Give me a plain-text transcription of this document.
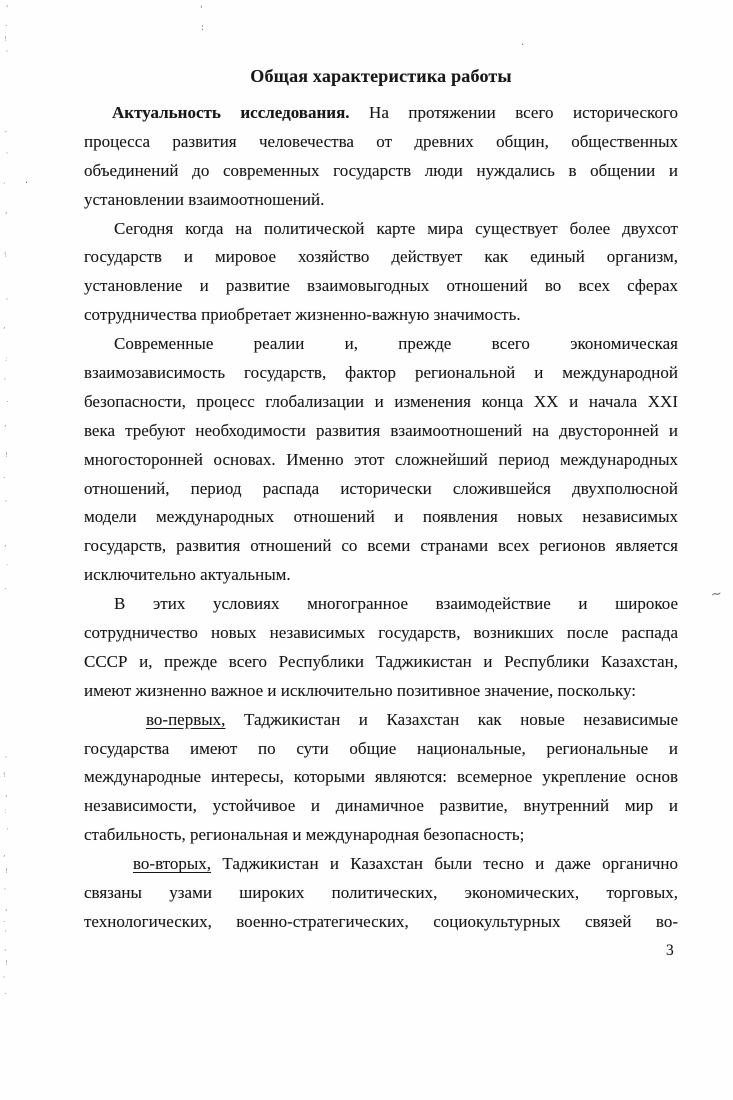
Общая характеристика работы
Актуальность исследования. На протяжении всего исторического
процесса развития человечества от древних общин, общественных
объединений до современных государств люди нуждались в общении и
установлении взаимоотношений.
Сегодня когда на политической карте мира существует более двухсот
государств и мировое хозяйство действует как единый организм,
установление и развитие взаимовыгодных отношений во всех сферах
сотрудничества приобретает жизненно-важную значимость.
Современные реалии и, прежде всего экономическая
взаимозависимость государств, фактор региональной и международной
безопасности, процесс глобализации и изменения конца XX и начала XXI
века требуют необходимости развития взаимоотношений на двусторонней и
многосторонней основах. Именно этот сложнейший период международных
отношений, период распада исторически сложившейся двухполюсной
модели международных отношений и появления новых независимых
государств, развития отношений со всеми странами всех регионов является
исключительно актуальным.
В этих условиях многогранное взаимодействие и широкое
сотрудничество новых независимых государств, возникших после распада
СССР и, прежде всего Республики Таджикистан и Республики Казахстан,
имеют жизненно важное и исключительно позитивное значение, поскольку:
во-первых, Таджикистан и Казахстан как новые независимые
государства имеют по сути общие национальные, региональные и
международные интересы, которыми являются: всемерное укрепление основ
независимости, устойчивое и динамичное развитие, внутренний мир и
стабильность, региональная и международная безопасность;
во-вторых, Таджикистан и Казахстан были тесно и даже органично
связаны узами широких политических, экономических, торговых,
технологических, военно-стратегических, социокультурных связей во-
3
'
:
·
~
.
'
.
!
'
-
'
·
,
!
'
,
:
'
.
,
!
.
'
,
·
.
'
!
,
:
'
,
!
'
,
.
'
,
!
'
.
